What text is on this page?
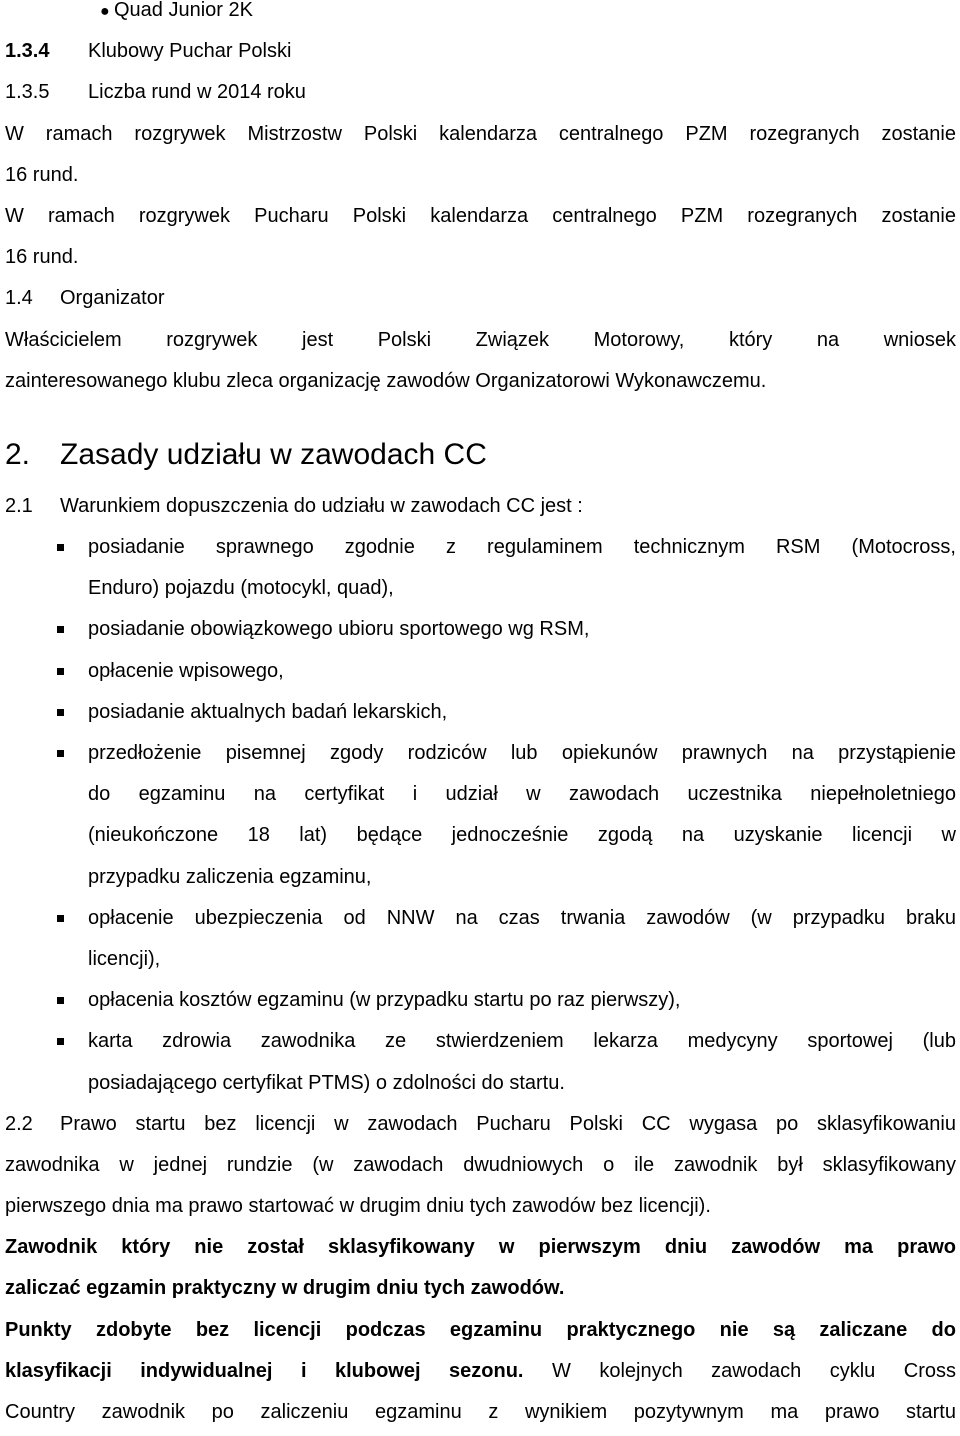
● Quad Junior 2K
1.3.4 Klubowy Puchar Polski
1.3.5 Liczba rund w 2014 roku
W ramach rozgrywek Mistrzostw Polski kalendarza centralnego PZM rozegranych zostanie
16 rund.
W ramach rozgrywek Pucharu Polski kalendarza centralnego PZM rozegranych zostanie
16 rund.
1.4 Organizator
Właścicielem rozgrywek jest Polski Związek Motorowy, który na wniosek
zainteresowanego klubu zleca organizację zawodów Organizatorowi Wykonawczemu.
2. Zasady udziału w zawodach CC
2.1 Warunkiem dopuszczenia do udziału w zawodach CC jest :
posiadanie sprawnego zgodnie z regulaminem technicznym RSM (Motocross,
Enduro) pojazdu (motocykl, quad),
posiadanie obowiązkowego ubioru sportowego wg RSM,
opłacenie wpisowego,
posiadanie aktualnych badań lekarskich,
przedłożenie pisemnej zgody rodziców lub opiekunów prawnych na przystąpienie
do egzaminu na certyfikat i udział w zawodach uczestnika niepełnoletniego
(nieukończone 18 lat) będące jednocześnie zgodą na uzyskanie licencji w
przypadku zaliczenia egzaminu,
opłacenie ubezpieczenia od NNW na czas trwania zawodów (w przypadku braku
licencji),
opłacenia kosztów egzaminu (w przypadku startu po raz pierwszy),
karta zdrowia zawodnika ze stwierdzeniem lekarza medycyny sportowej (lub
posiadającego certyfikat PTMS) o zdolności do startu.
2.2 Prawo startu bez licencji w zawodach Pucharu Polski CC wygasa po sklasyfikowaniu
zawodnika w jednej rundzie (w zawodach dwudniowych o ile zawodnik był sklasyfikowany
pierwszego dnia ma prawo startować w drugim dniu tych zawodów bez licencji).
Zawodnik który nie został sklasyfikowany w pierwszym dniu zawodów ma prawo
zaliczać egzamin praktyczny w drugim dniu tych zawodów.
Punkty zdobyte bez licencji podczas egzaminu praktycznego nie są zaliczane do
klasyfikacji indywidualnej i klubowej sezonu. W kolejnych zawodach cyklu Cross
Country zawodnik po zaliczeniu egzaminu z wynikiem pozytywnym ma prawo startu
